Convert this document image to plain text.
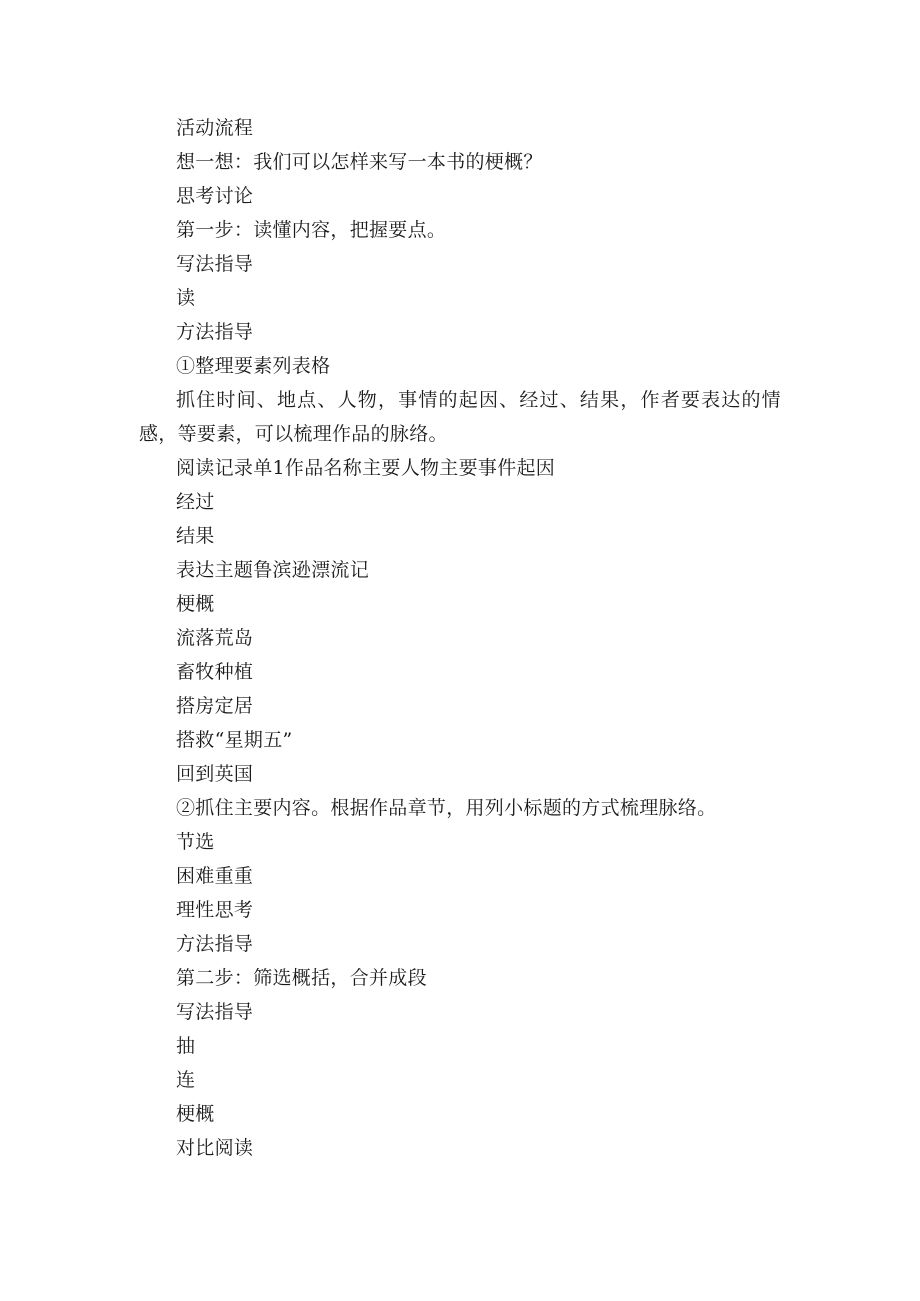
活动流程
想一想：我们可以怎样来写一本书的梗概？
思考讨论
第一步：读懂内容，把握要点。
写法指导
读
方法指导
①整理要素列表格
抓住时间、地点、人物，事情的起因、经过、结果，作者要表达的情感，等要素，可以梳理作品的脉络。
阅读记录单1作品名称主要人物主要事件起因
经过
结果
表达主题鲁滨逊漂流记
梗概
流落荒岛
畜牧种植
搭房定居
搭救“星期五”
回到英国
②抓住主要内容。根据作品章节，用列小标题的方式梳理脉络。
节选
困难重重
理性思考
方法指导
第二步：筛选概括，合并成段
写法指导
抽
连
梗概
对比阅读
